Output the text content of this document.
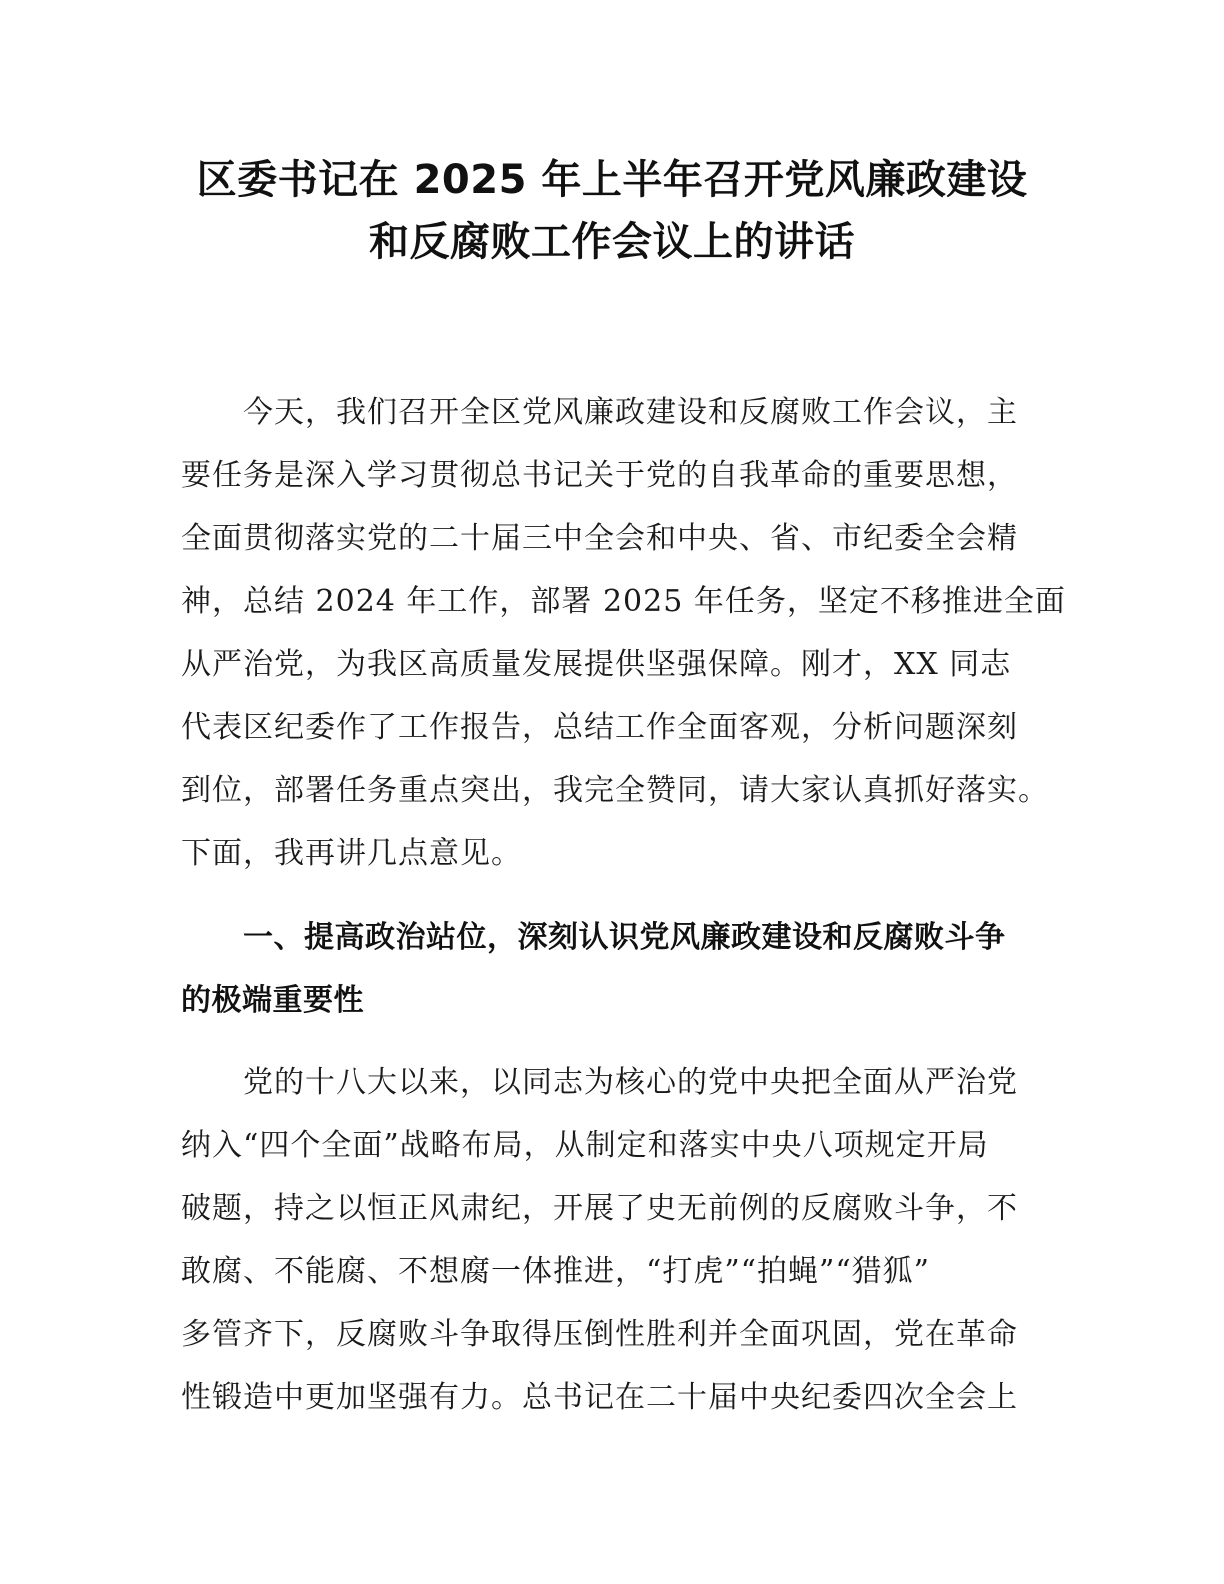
区委书记在 2025 年上半年召开党风廉政建设
和反腐败工作会议上的讲话
今天，我们召开全区党风廉政建设和反腐败工作会议，主
要任务是深入学习贯彻总书记关于党的自我革命的重要思想，
全面贯彻落实党的二十届三中全会和中央、省、市纪委全会精
神，总结 2024 年工作，部署 2025 年任务，坚定不移推进全面
从严治党，为我区高质量发展提供坚强保障。刚才，XX 同志
代表区纪委作了工作报告，总结工作全面客观，分析问题深刻
到位，部署任务重点突出，我完全赞同，请大家认真抓好落实。
下面，我再讲几点意见。
一、提高政治站位，深刻认识党风廉政建设和反腐败斗争
的极端重要性
党的十八大以来，以同志为核心的党中央把全面从严治党
纳入“四个全面”战略布局，从制定和落实中央八项规定开局
破题，持之以恒正风肃纪，开展了史无前例的反腐败斗争，不
敢腐、不能腐、不想腐一体推进，“打虎”“拍蝇”“猎狐”
多管齐下，反腐败斗争取得压倒性胜利并全面巩固，党在革命
性锻造中更加坚强有力。总书记在二十届中央纪委四次全会上
